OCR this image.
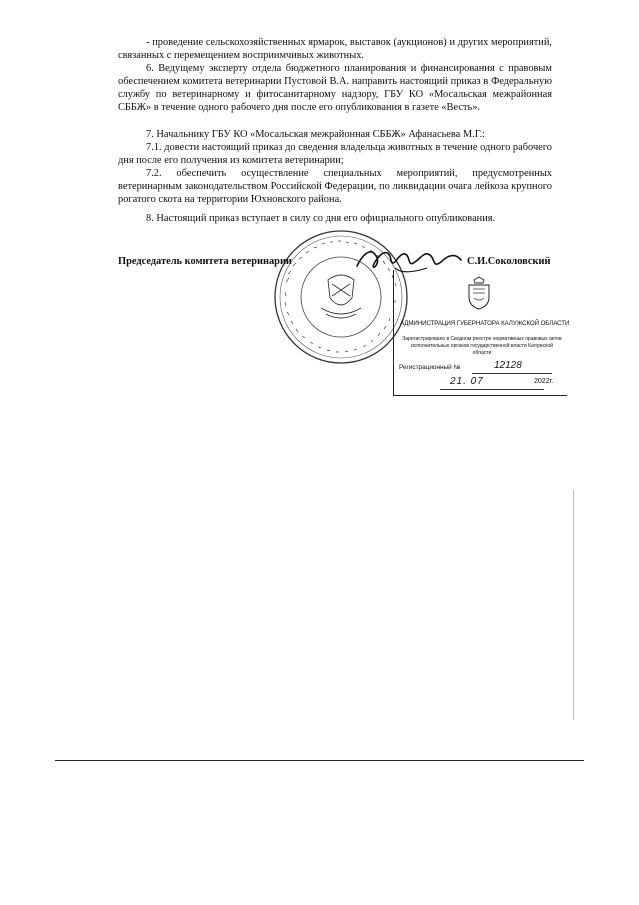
- проведение сельскохозяйственных ярмарок, выставок (аукционов) и других мероприятий, связанных с перемещением восприимчивых животных.

6. Ведущему эксперту отдела бюджетного планирования и финансирования с правовым обеспечением комитета ветеринарии Пустовой В.А. направить настоящий приказ в Федеральную службу по ветеринарному и фитосанитарному надзору, ГБУ КО «Мосальская межрайонная СББЖ» в течение одного рабочего дня после его опубликования в газете «Весть».

7. Начальнику ГБУ КО «Мосальская межрайонная СББЖ» Афанасьева М.Г.:

7.1. довести настоящий приказ до сведения владельца животных в течение одного рабочего дня после его получения из комитета ветеринарии;

7.2. обеспечить осуществление специальных мероприятий, предусмотренных ветеринарным законодательством Российской Федерации, по ликвидации очага лейкоза крупного рогатого скота на территории Юхновского района.

8. Настоящий приказ вступает в силу со дня его официального опубликования.

Председатель комитета ветеринарии	С.И.Соколовский
АДМИНИСТРАЦИЯ ГУБЕРНАТОРА КАЛУЖСКОЙ ОБЛАСТИ
Зарегистрировано в Сводном реестре нормативных правовых актов исполнительных органов государственной власти Калужской области
Регистрационный №	12128
21. 07	2022г.
